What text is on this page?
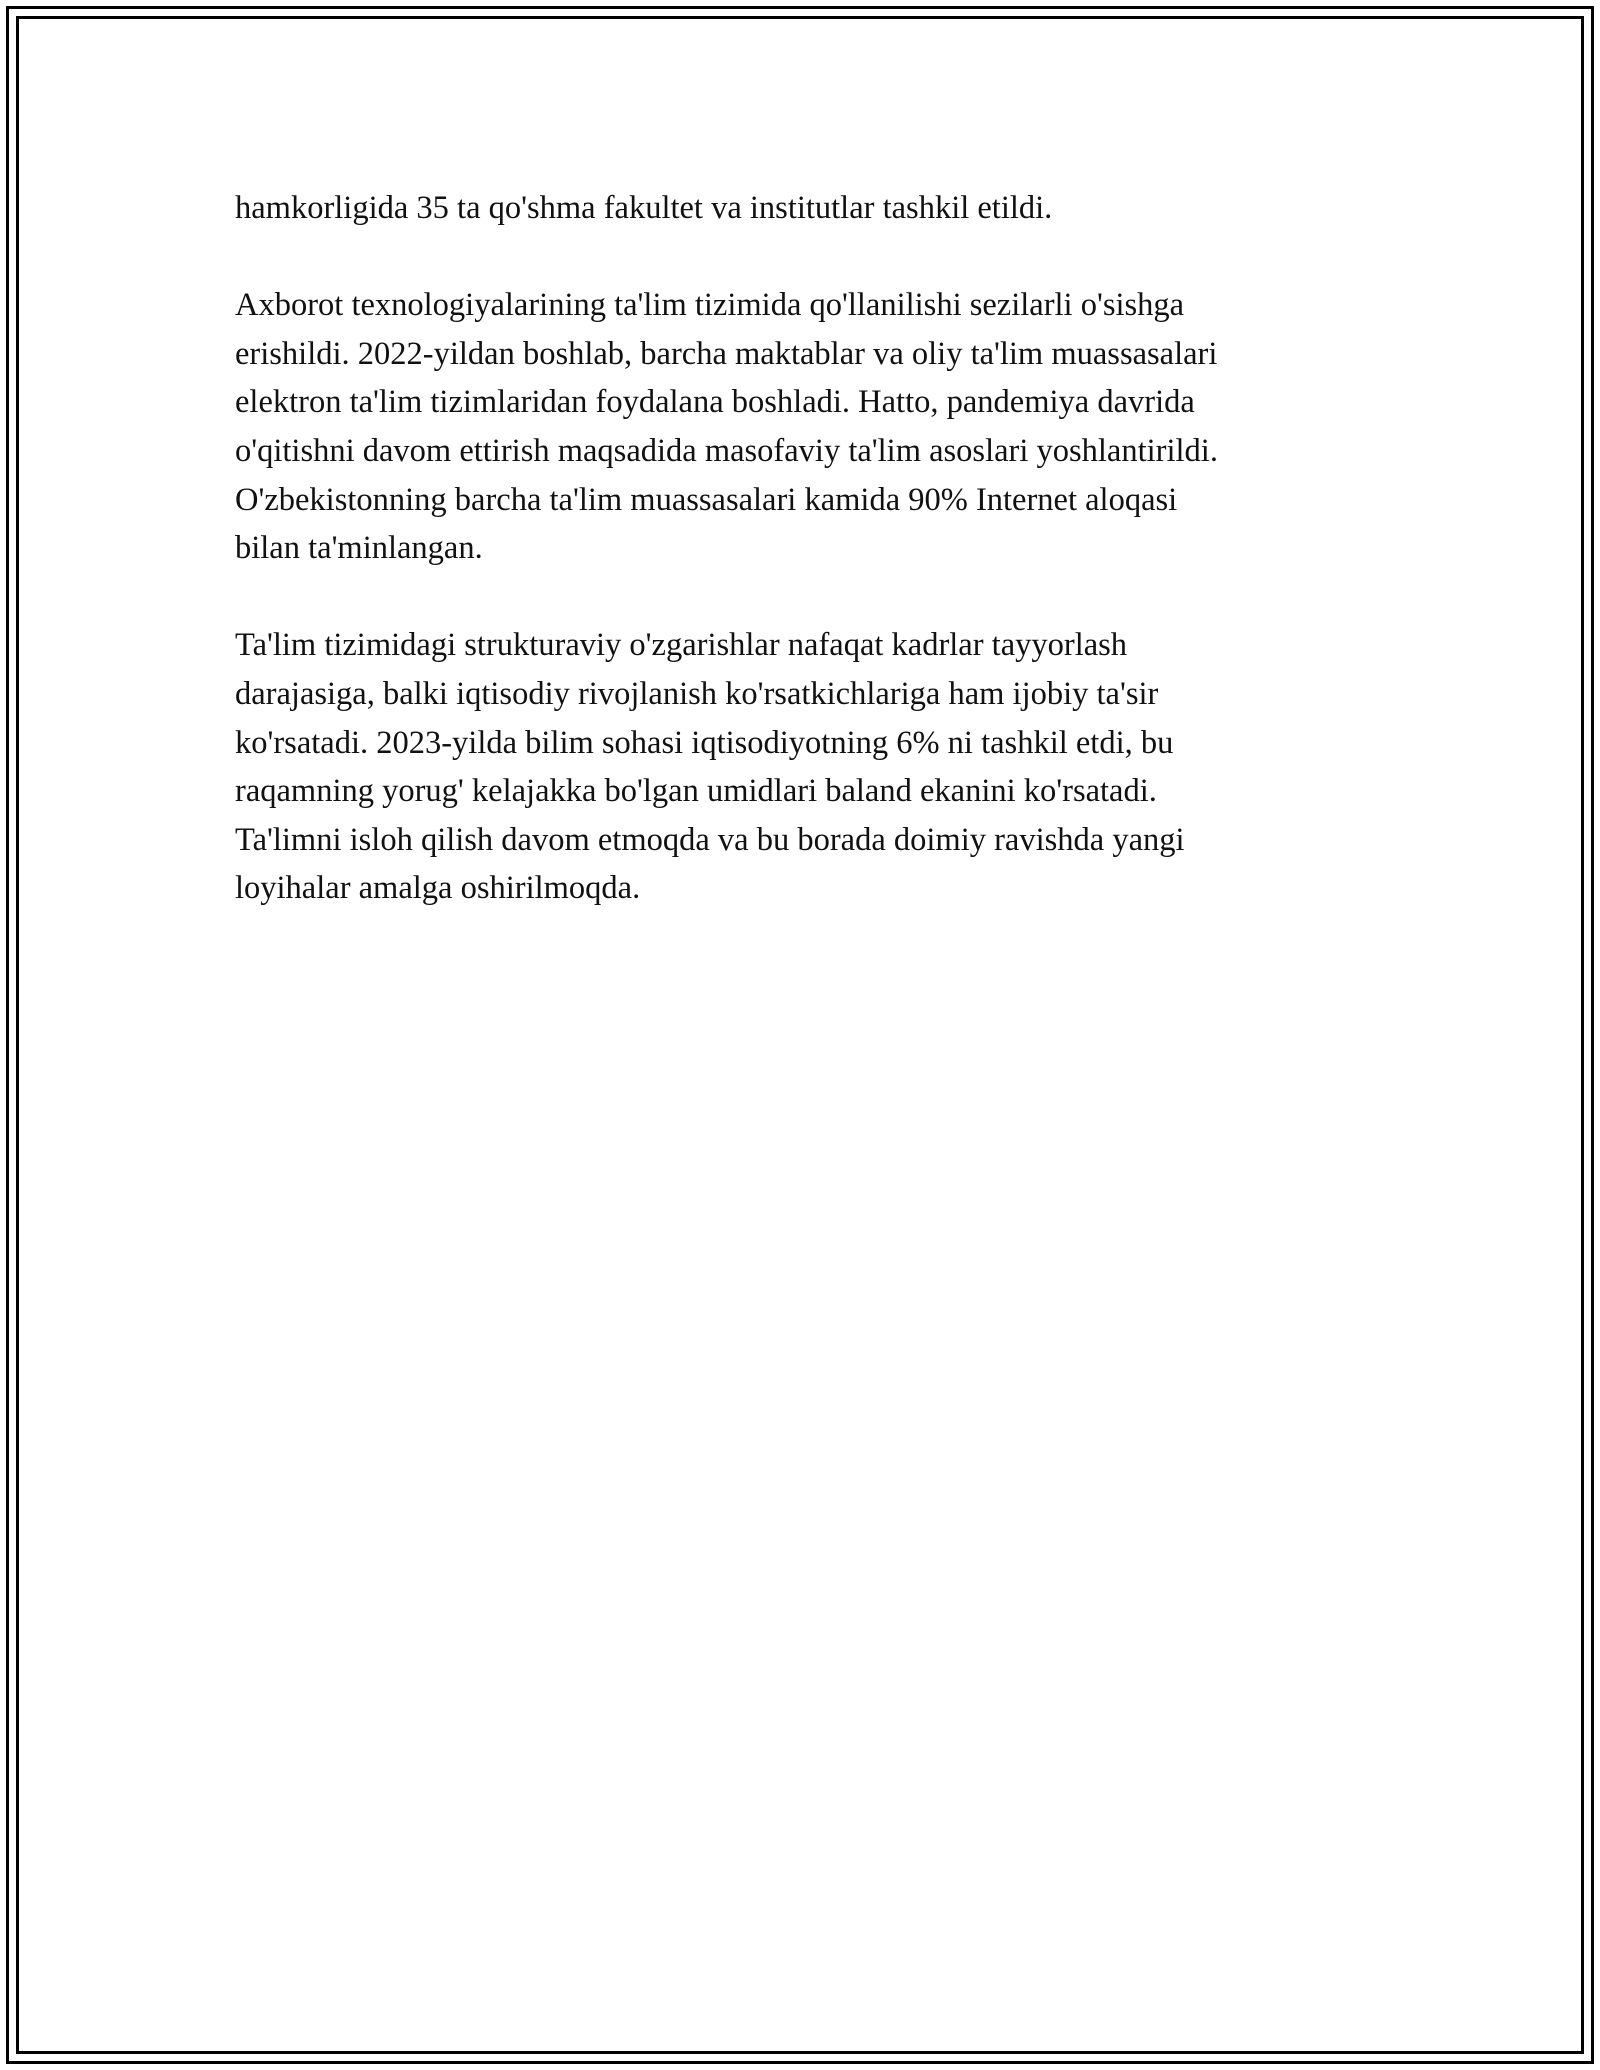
hamkorligida 35 ta qo'shma fakultet va institutlar tashkil etildi.

Axborot texnologiyalarining ta'lim tizimida qo'llanilishi sezilarli o'sishga
erishildi. 2022-yildan boshlab, barcha maktablar va oliy ta'lim muassasalari
elektron ta'lim tizimlaridan foydalana boshladi. Hatto, pandemiya davrida
o'qitishni davom ettirish maqsadida masofaviy ta'lim asoslari yoshlantirildi.
O'zbekistonning barcha ta'lim muassasalari kamida 90% Internet aloqasi
bilan ta'minlangan.

Ta'lim tizimidagi strukturaviy o'zgarishlar nafaqat kadrlar tayyorlash
darajasiga, balki iqtisodiy rivojlanish ko'rsatkichlariga ham ijobiy ta'sir
ko'rsatadi. 2023-yilda bilim sohasi iqtisodiyotning 6% ni tashkil etdi, bu
raqamning yorug' kelajakka bo'lgan umidlari baland ekanini ko'rsatadi.
Ta'limni isloh qilish davom etmoqda va bu borada doimiy ravishda yangi
loyihalar amalga oshirilmoqda.
